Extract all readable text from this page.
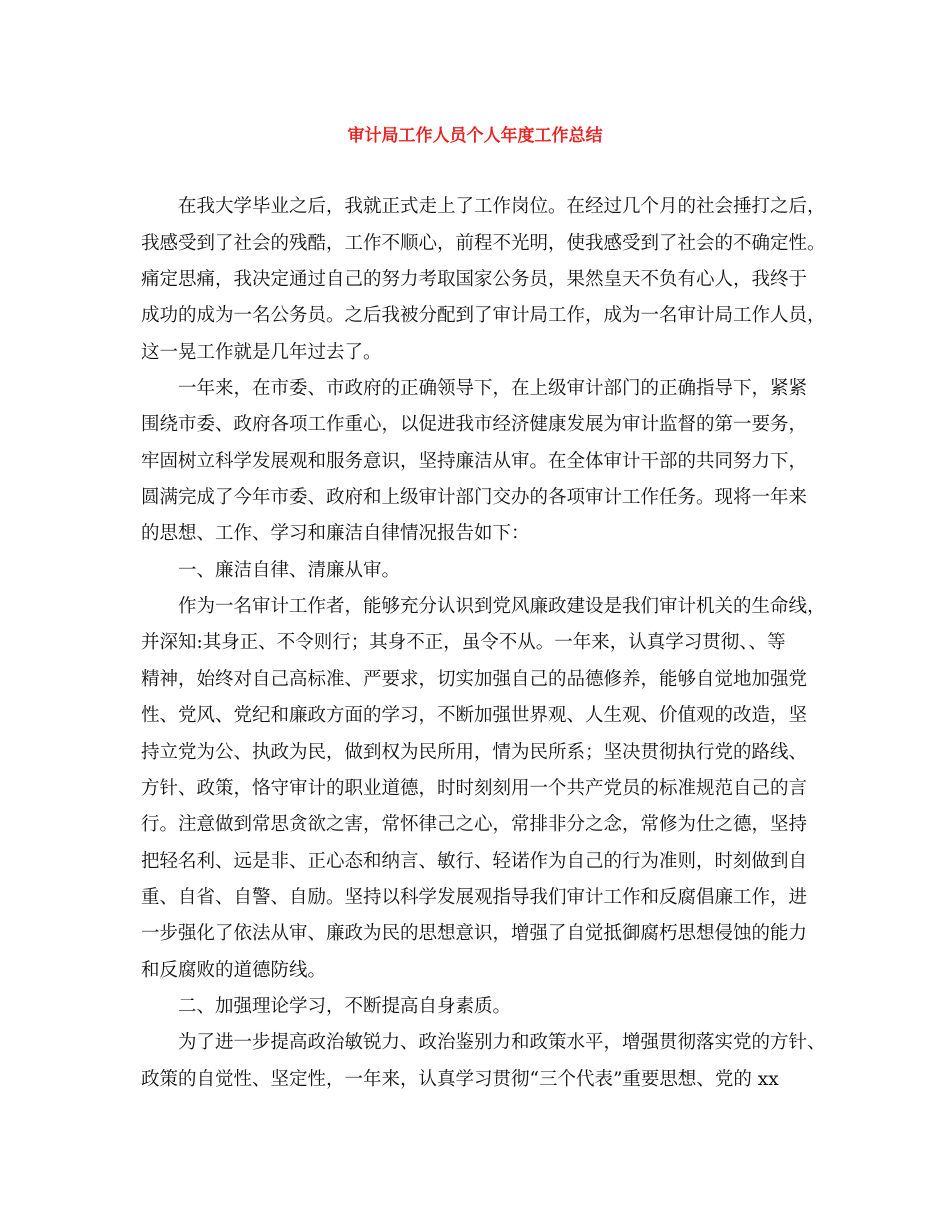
审计局工作人员个人年度工作总结

在我大学毕业之后，我就正式走上了工作岗位。在经过几个月的社会捶打之后，

我感受到了社会的残酷，工作不顺心，前程不光明，使我感受到了社会的不确定性。

痛定思痛，我决定通过自己的努力考取国家公务员，果然皇天不负有心人，我终于

成功的成为一名公务员。之后我被分配到了审计局工作，成为一名审计局工作人员，

这一晃工作就是几年过去了。

一年来，在市委、市政府的正确领导下，在上级审计部门的正确指导下，紧紧

围绕市委、政府各项工作重心，以促进我市经济健康发展为审计监督的第一要务，

牢固树立科学发展观和服务意识，坚持廉洁从审。在全体审计干部的共同努力下，

圆满完成了今年市委、政府和上级审计部门交办的各项审计工作任务。现将一年来

的思想、工作、学习和廉洁自律情况报告如下：

一、廉洁自律、清廉从审。

作为一名审计工作者，能够充分认识到党风廉政建设是我们审计机关的生命线，

并深知:其身正、不令则行；其身不正，虽令不从。一年来，认真学习贯彻、、等

精神，始终对自己高标准、严要求，切实加强自己的品德修养，能够自觉地加强党

性、党风、党纪和廉政方面的学习，不断加强世界观、人生观、价值观的改造，坚

持立党为公、执政为民，做到权为民所用，情为民所系；坚决贯彻执行党的路线、

方针、政策，恪守审计的职业道德，时时刻刻用一个共产党员的标准规范自己的言

行。注意做到常思贪欲之害，常怀律己之心，常排非分之念，常修为仕之德，坚持

把轻名利、远是非、正心态和纳言、敏行、轻诺作为自己的行为准则，时刻做到自

重、自省、自警、自励。坚持以科学发展观指导我们审计工作和反腐倡廉工作，进

一步强化了依法从审、廉政为民的思想意识，增强了自觉抵御腐朽思想侵蚀的能力

和反腐败的道德防线。

二、加强理论学习，不断提高自身素质。

为了进一步提高政治敏锐力、政治鉴别力和政策水平，增强贯彻落实党的方针、

政策的自觉性、坚定性，一年来，认真学习贯彻“三个代表”重要思想、党的 xx
